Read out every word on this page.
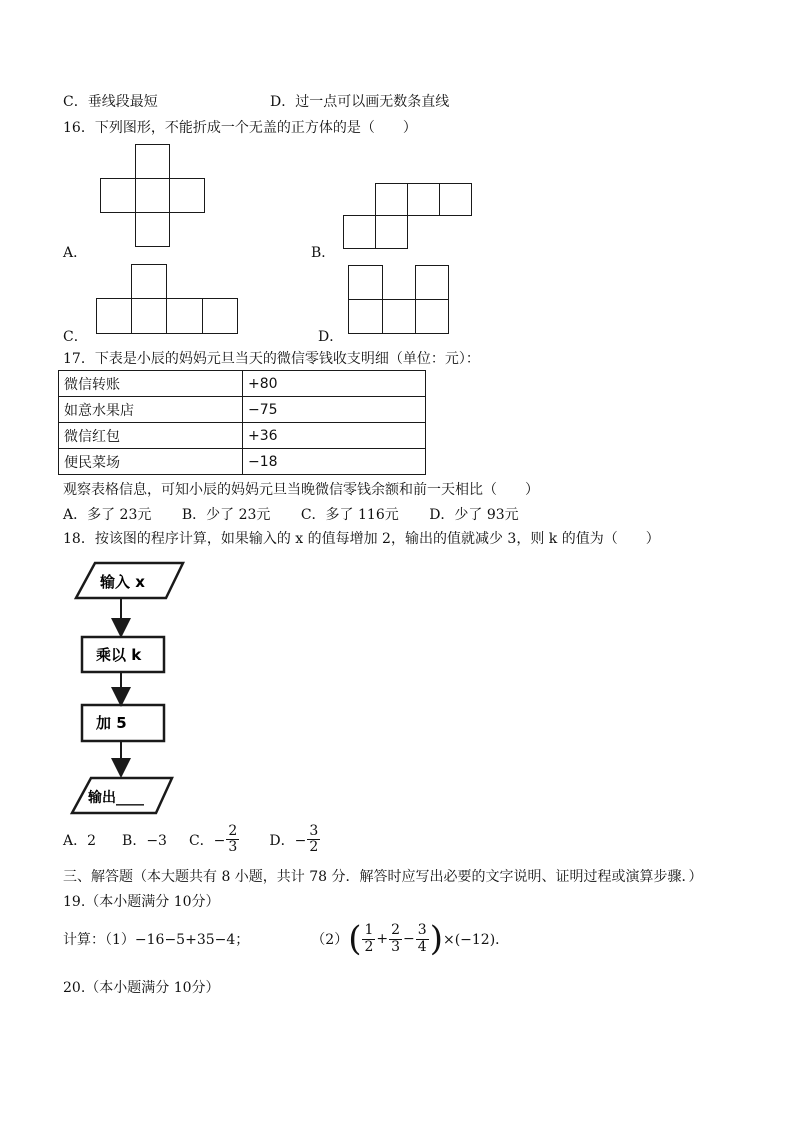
C．垂线段最短	D．过一点可以画无数条直线
16．下列图形，不能折成一个无盖的正方体的是（　　）
A．	B．
C．	D．
17．下表是小辰的妈妈元旦当天的微信零钱收支明细（单位：元）：
微信转账	+80
如意水果店	−75
微信红包	+36
便民菜场	−18
观察表格信息，可知小辰的妈妈元旦当晚微信零钱余额和前一天相比（　　）
A．多了 23元 B．少了 23元 C．多了 116元 D．少了 93元
18．按该图的程序计算，如果输入的 x 的值每增加 2，输出的值就减少 3，则 k 的值为（　　）
输入 x
乘以 k
加 5
输出____
A．2 B．−3 C．− $\frac{2}{3}$ D．− $\frac{3}{2}$
三、解答题（本大题共有 8 小题，共计 78 分．解答时应写出必要的文字说明、证明过程或演算步骤．）
19.（本小题满分 10分）
计算：（1）−16−5+35−4；	（2） ( $\frac{1}{2} + \frac{2}{3} - \frac{3}{4}$ ) ×(−12)．
20.（本小题满分 10分）
